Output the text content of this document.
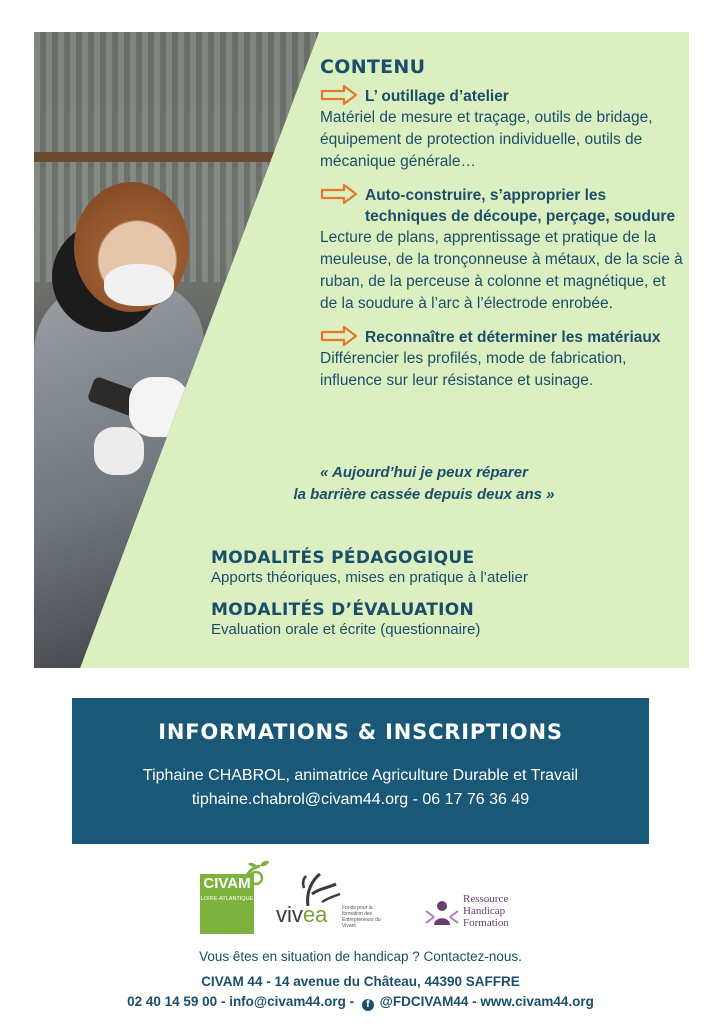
CONTENU
L’ outillage d’atelier
Matériel de mesure et traçage, outils de bridage, équipement de protection individuelle, outils de mécanique générale…
Auto-construire, s’approprier les techniques de découpe, perçage, soudure
Lecture de plans, apprentissage et pratique de la meuleuse, de la tronçonneuse à métaux, de la scie à ruban, de la perceuse à colonne et magnétique, et de la soudure à l’arc à l’électrode enrobée.
Reconnaître et déterminer les matériaux
Différencier les profilés, mode de fabrication, influence sur leur résistance et usinage.
« Aujourd’hui je peux réparer
la barrière cassée depuis deux ans »
MODALITÉS PÉDAGOGIQUE
Apports théoriques, mises en pratique à l’atelier
MODALITÉS D’ÉVALUATION
Evaluation orale et écrite (questionnaire)
INFORMATIONS & INSCRIPTIONS
Tiphaine CHABROL, animatrice Agriculture Durable et Travail
tiphaine.chabrol@civam44.org - 06 17 76 36 49
CIVAM
LOIRE-ATLANTIQUE
vivea	Fonds pour la formation des Entrepreneurs du Vivant
Ressource
Handicap
Formation
Vous êtes en situation de handicap ? Contactez-nous.
CIVAM 44 - 14 avenue du Château, 44390 SAFFRE
02 40 14 59 00 - info@civam44.org - f @FDCIVAM44 - www.civam44.org
